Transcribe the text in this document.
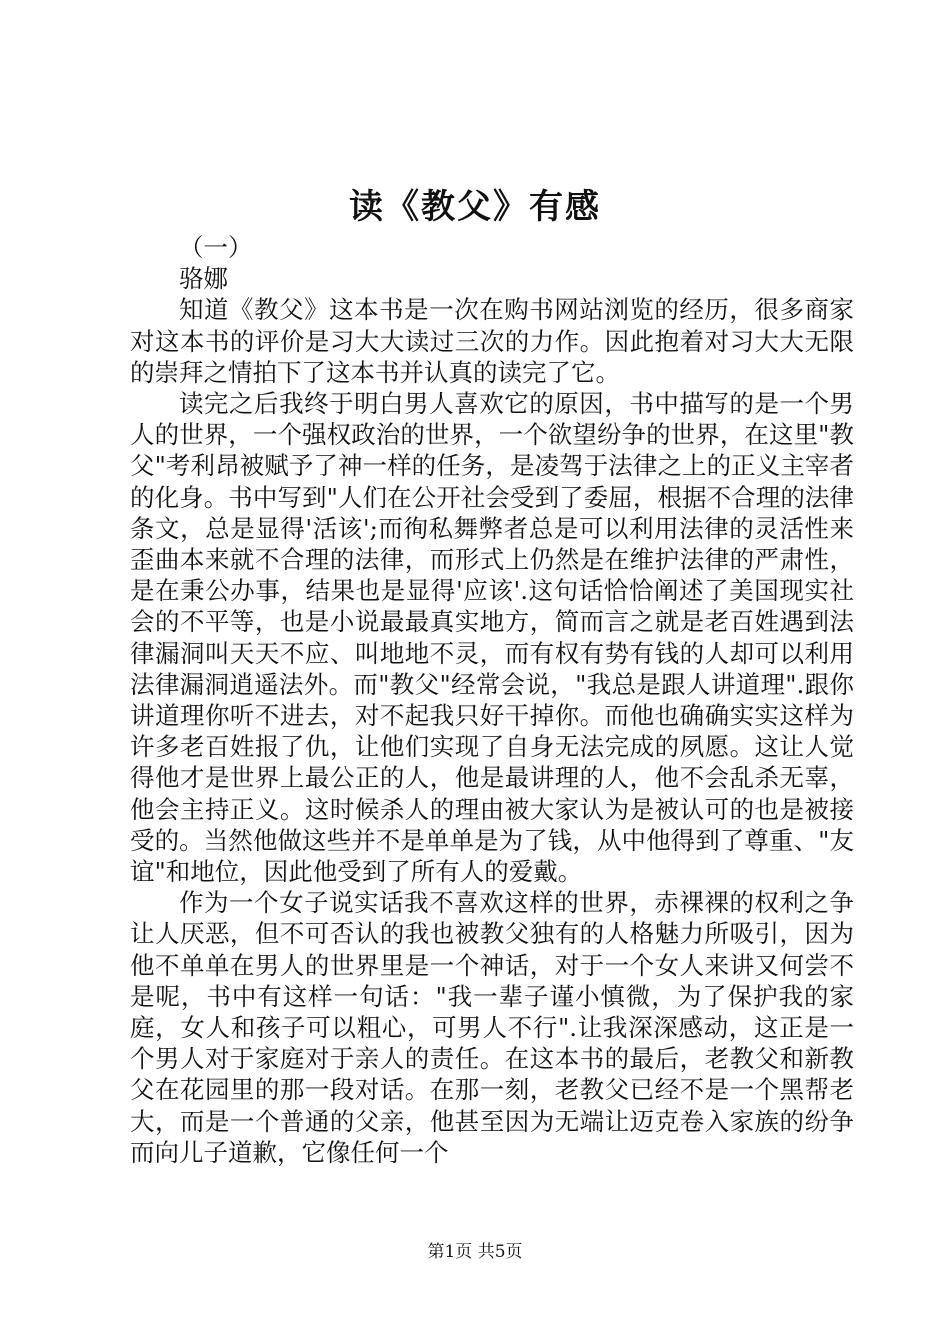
读《教父》有感

（一）

骆娜

知道《教父》这本书是一次在购书网站浏览的经历，很多商家对这本书的评价是习大大读过三次的力作。因此抱着对习大大无限的崇拜之情拍下了这本书并认真的读完了它。

读完之后我终于明白男人喜欢它的原因，书中描写的是一个男人的世界，一个强权政治的世界，一个欲望纷争的世界，在这里"教父"考利昂被赋予了神一样的任务，是凌驾于法律之上的正义主宰者的化身。书中写到"人们在公开社会受到了委屈，根据不合理的法律条文，总是显得'活该';而徇私舞弊者总是可以利用法律的灵活性来歪曲本来就不合理的法律，而形式上仍然是在维护法律的严肃性，是在秉公办事，结果也是显得'应该'.这句话恰恰阐述了美国现实社会的不平等，也是小说最最真实地方，简而言之就是老百姓遇到法律漏洞叫天天不应、叫地地不灵，而有权有势有钱的人却可以利用法律漏洞逍遥法外。而"教父"经常会说，"我总是跟人讲道理".跟你讲道理你听不进去，对不起我只好干掉你。而他也确确实实这样为许多老百姓报了仇，让他们实现了自身无法完成的夙愿。这让人觉得他才是世界上最公正的人，他是最讲理的人，他不会乱杀无辜，他会主持正义。这时候杀人的理由被大家认为是被认可的也是被接受的。当然他做这些并不是单单是为了钱，从中他得到了尊重、"友谊"和地位，因此他受到了所有人的爱戴。

作为一个女子说实话我不喜欢这样的世界，赤裸裸的权利之争让人厌恶，但不可否认的我也被教父独有的人格魅力所吸引，因为他不单单在男人的世界里是一个神话，对于一个女人来讲又何尝不是呢，书中有这样一句话："我一辈子谨小慎微，为了保护我的家庭，女人和孩子可以粗心，可男人不行".让我深深感动，这正是一个男人对于家庭对于亲人的责任。在这本书的最后，老教父和新教父在花园里的那一段对话。在那一刻，老教父已经不是一个黑帮老大，而是一个普通的父亲，他甚至因为无端让迈克卷入家族的纷争而向儿子道歉，它像任何一个

第1页 共5页
